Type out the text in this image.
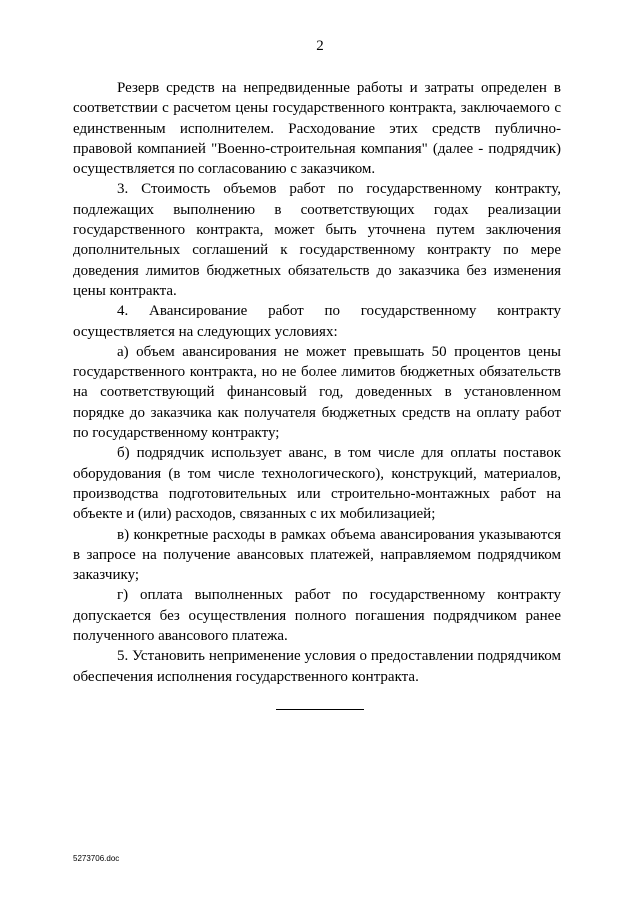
2

Резерв средств на непредвиденные работы и затраты определен в соответствии с расчетом цены государственного контракта, заключаемого с единственным исполнителем. Расходование этих средств публично-правовой компанией "Военно-строительная компания" (далее - подрядчик) осуществляется по согласованию с заказчиком.

3. Стоимость объемов работ по государственному контракту, подлежащих выполнению в соответствующих годах реализации государственного контракта, может быть уточнена путем заключения дополнительных соглашений к государственному контракту по мере доведения лимитов бюджетных обязательств до заказчика без изменения цены контракта.

4. Авансирование работ по государственному контракту осуществляется на следующих условиях:

а) объем авансирования не может превышать 50 процентов цены государственного контракта, но не более лимитов бюджетных обязательств на соответствующий финансовый год, доведенных в установленном порядке до заказчика как получателя бюджетных средств на оплату работ по государственному контракту;

б) подрядчик использует аванс, в том числе для оплаты поставок оборудования (в том числе технологического), конструкций, материалов, производства подготовительных или строительно-монтажных работ на объекте и (или) расходов, связанных с их мобилизацией;

в) конкретные расходы в рамках объема авансирования указываются в запросе на получение авансовых платежей, направляемом подрядчиком заказчику;

г) оплата выполненных работ по государственному контракту допускается без осуществления полного погашения подрядчиком ранее полученного авансового платежа.

5. Установить неприменение условия о предоставлении подрядчиком обеспечения исполнения государственного контракта.

5273706.doc
